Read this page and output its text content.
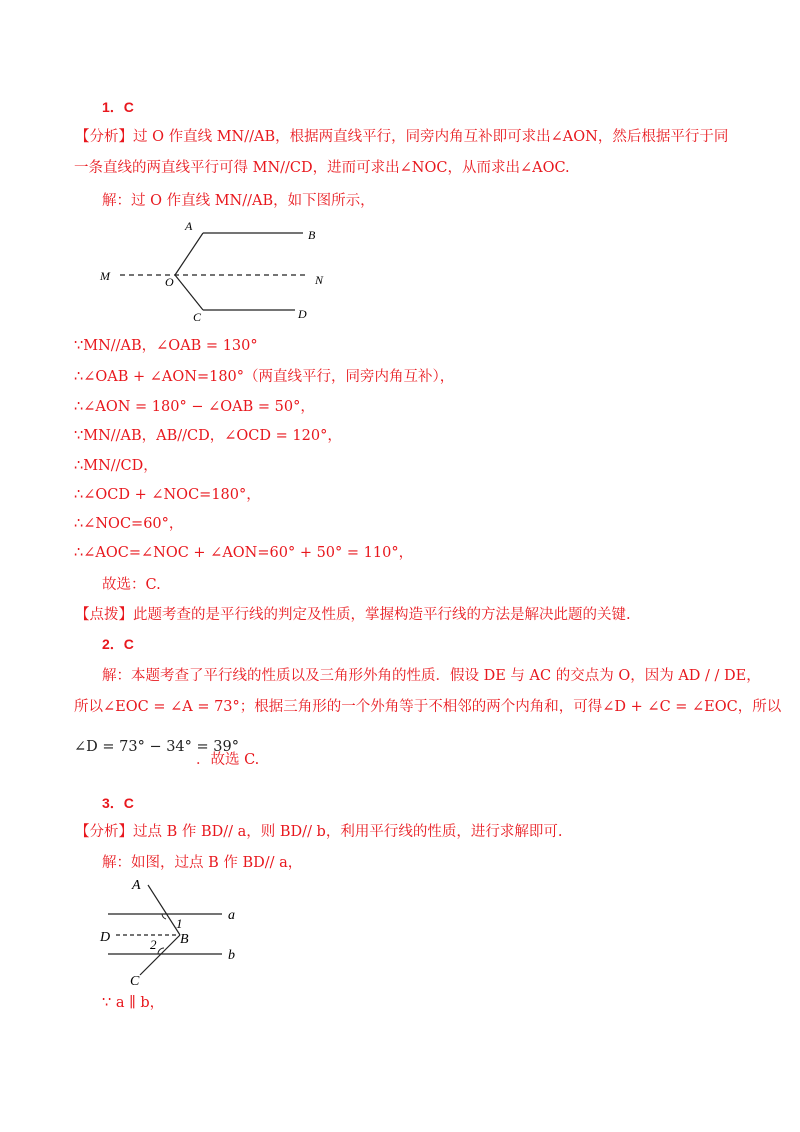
1．C
【分析】过 O 作直线 MN//AB，根据两直线平行，同旁内角互补即可求出∠AON，然后根据平行于同
一条直线的两直线平行可得 MN//CD，进而可求出∠NOC，从而求出∠AOC.
解：过 O 作直线 MN//AB，如下图所示，
A
B
M	O	N
C	D
∵MN//AB，∠OAB = 130°
∴∠OAB + ∠AON=180°（两直线平行，同旁内角互补），
∴∠AON = 180° − ∠OAB = 50°，
∵MN//AB，AB//CD，∠OCD = 120°，
∴MN//CD，
∴∠OCD + ∠NOC=180°，
∴∠NOC=60°，
∴∠AOC=∠NOC + ∠AON=60° + 50° = 110°，
故选：C.
【点拨】此题考查的是平行线的判定及性质，掌握构造平行线的方法是解决此题的关键.
2．C
解：本题考查了平行线的性质以及三角形外角的性质．假设 DE 与 AC 的交点为 O，因为 AD / / DE，
所以∠EOC = ∠A = 73°；根据三角形的一个外角等于不相邻的两个内角和，可得∠D + ∠C = ∠EOC，所以
∠D = 73° − 34° = 39°
．故选 C.
3．C
【分析】过点 B 作 BD// a，则 BD// b，利用平行线的性质，进行求解即可.
解：如图，过点 B 作 BD// a，
A
a
1
D	2 B
b
C
∵ a ∥ b，
